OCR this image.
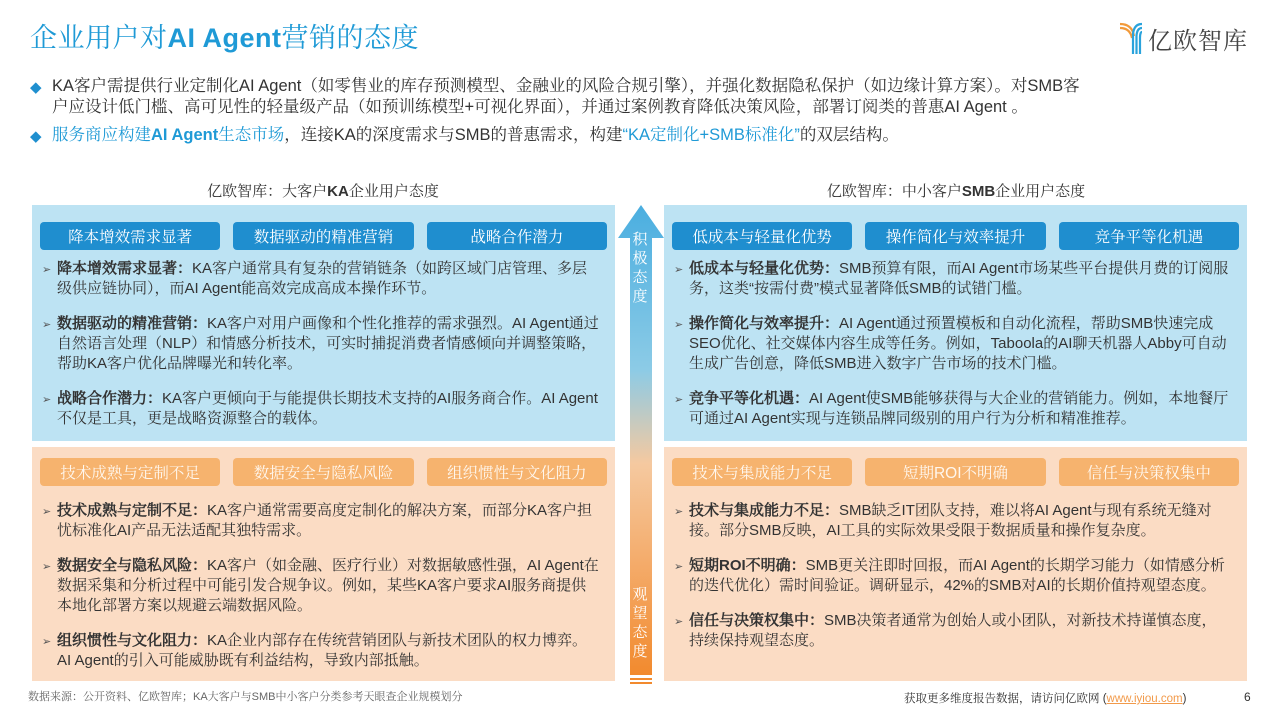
企业用户对AI Agent营销的态度	亿欧智库
◆ KA客户需提供行业定制化AI Agent（如零售业的库存预测模型、金融业的风险合规引擎），并强化数据隐私保护（如边缘计算方案）。对SMB客
户应设计低门槛、高可见性的轻量级产品（如预训练模型+可视化界面），并通过案例教育降低决策风险，部署订阅类的普惠AI Agent 。
◆ 服务商应构建AI Agent生态市场，连接KA的深度需求与SMB的普惠需求，构建“KA定制化+SMB标准化”的双层结构。
亿欧智库：大客户KA企业用户态度	亿欧智库：中小客户SMB企业用户态度
降本增效需求显著	数据驱动的精准营销	战略合作潜力
➢ 降本增效需求显著：KA客户通常具有复杂的营销链条（如跨区域门店管理、多层级供应链协同），而AI Agent能高效完成高成本操作环节。
➢ 数据驱动的精准营销：KA客户对用户画像和个性化推荐的需求强烈。AI Agent通过自然语言处理（NLP）和情感分析技术，可实时捕捉消费者情感倾向并调整策略，帮助KA客户优化品牌曝光和转化率。
➢ 战略合作潜力：KA客户更倾向于与能提供长期技术支持的AI服务商合作。AI Agent不仅是工具，更是战略资源整合的载体。
技术成熟与定制不足	数据安全与隐私风险	组织惯性与文化阻力
➢ 技术成熟与定制不足：KA客户通常需要高度定制化的解决方案，而部分KA客户担忧标准化AI产品无法适配其独特需求。
➢ 数据安全与隐私风险：KA客户（如金融、医疗行业）对数据敏感性强，AI Agent在数据采集和分析过程中可能引发合规争议。例如，某些KA客户要求AI服务商提供本地化部署方案以规避云端数据风险。
➢ 组织惯性与文化阻力：KA企业内部存在传统营销团队与新技术团队的权力博弈。AI Agent的引入可能威胁既有利益结构，导致内部抵触。
低成本与轻量化优势	操作简化与效率提升	竞争平等化机遇
➢ 低成本与轻量化优势：SMB预算有限，而AI Agent市场某些平台提供月费的订阅服务，这类“按需付费”模式显著降低SMB的试错门槛。
➢ 操作简化与效率提升：AI Agent通过预置模板和自动化流程，帮助SMB快速完成SEO优化、社交媒体内容生成等任务。例如，Taboola的AI聊天机器人Abby可自动生成广告创意，降低SMB进入数字广告市场的技术门槛。
➢ 竞争平等化机遇：AI Agent使SMB能够获得与大企业的营销能力。例如，本地餐厅可通过AI Agent实现与连锁品牌同级别的用户行为分析和精准推荐。
技术与集成能力不足	短期ROI不明确	信任与决策权集中
➢ 技术与集成能力不足：SMB缺乏IT团队支持，难以将AI Agent与现有系统无缝对接。部分SMB反映，AI工具的实际效果受限于数据质量和操作复杂度。
➢ 短期ROI不明确：SMB更关注即时回报，而AI Agent的长期学习能力（如情感分析的迭代优化）需时间验证。调研显示，42%的SMB对AI的长期价值持观望态度。
➢ 信任与决策权集中：SMB决策者通常为创始人或小团队，对新技术持谨慎态度，持续保持观望态度。
积
极
态
度
观
望
态
度
数据来源：公开资料、亿欧智库；KA大客户与SMB中小客户分类参考天眼查企业规模划分	获取更多维度报告数据，请访问亿欧网 (www.iyiou.com)	6
